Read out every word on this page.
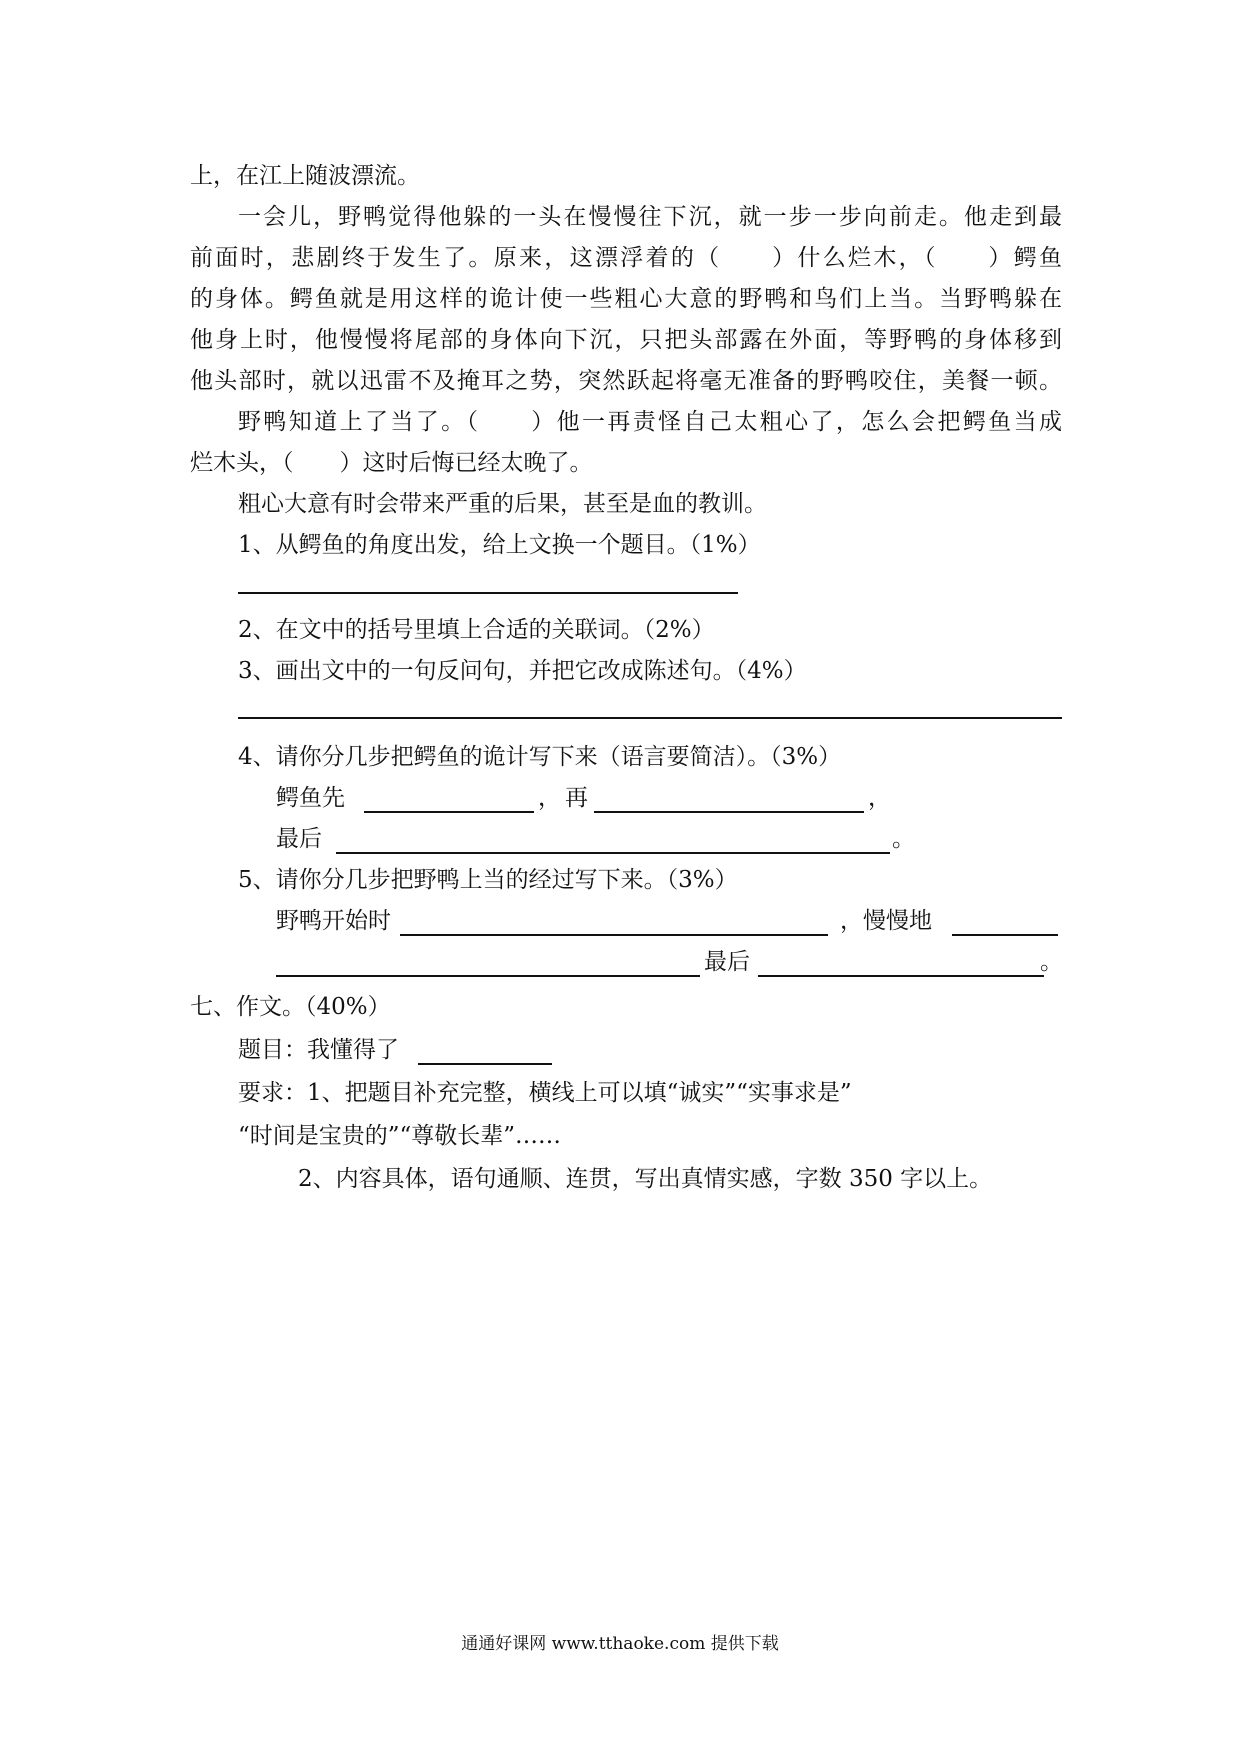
上，在江上随波漂流。
一会儿，野鸭觉得他躲的一头在慢慢往下沉，就一步一步向前走。他走到最
前面时，悲剧终于发生了。原来，这漂浮着的（　　）什么烂木，（　　）鳄鱼
的身体。鳄鱼就是用这样的诡计使一些粗心大意的野鸭和鸟们上当。当野鸭躲在
他身上时，他慢慢将尾部的身体向下沉，只把头部露在外面，等野鸭的身体移到
他头部时，就以迅雷不及掩耳之势，突然跃起将毫无准备的野鸭咬住，美餐一顿。
野鸭知道上了当了。（　　）他一再责怪自己太粗心了，怎么会把鳄鱼当成
烂木头，（　　）这时后悔已经太晚了。
粗心大意有时会带来严重的后果，甚至是血的教训。
1、从鳄鱼的角度出发，给上文换一个题目。（1%）
2、在文中的括号里填上合适的关联词。（2%）
3、画出文中的一句反问句，并把它改成陈述句。（4%）
4、请你分几步把鳄鱼的诡计写下来（语言要简洁）。（3%）
鳄鱼先	， 再	，
最后	。
5、请你分几步把野鸭上当的经过写下来。（3%）
野鸭开始时	，慢慢地
最后	。
七、作文。（40%）
题目：我懂得了
要求：1、把题目补充完整，横线上可以填“诚实”“实事求是”
“时间是宝贵的”“尊敬长辈”……
2、内容具体，语句通顺、连贯，写出真情实感，字数 350 字以上。
通通好课网 www.tthaoke.com 提供下载
